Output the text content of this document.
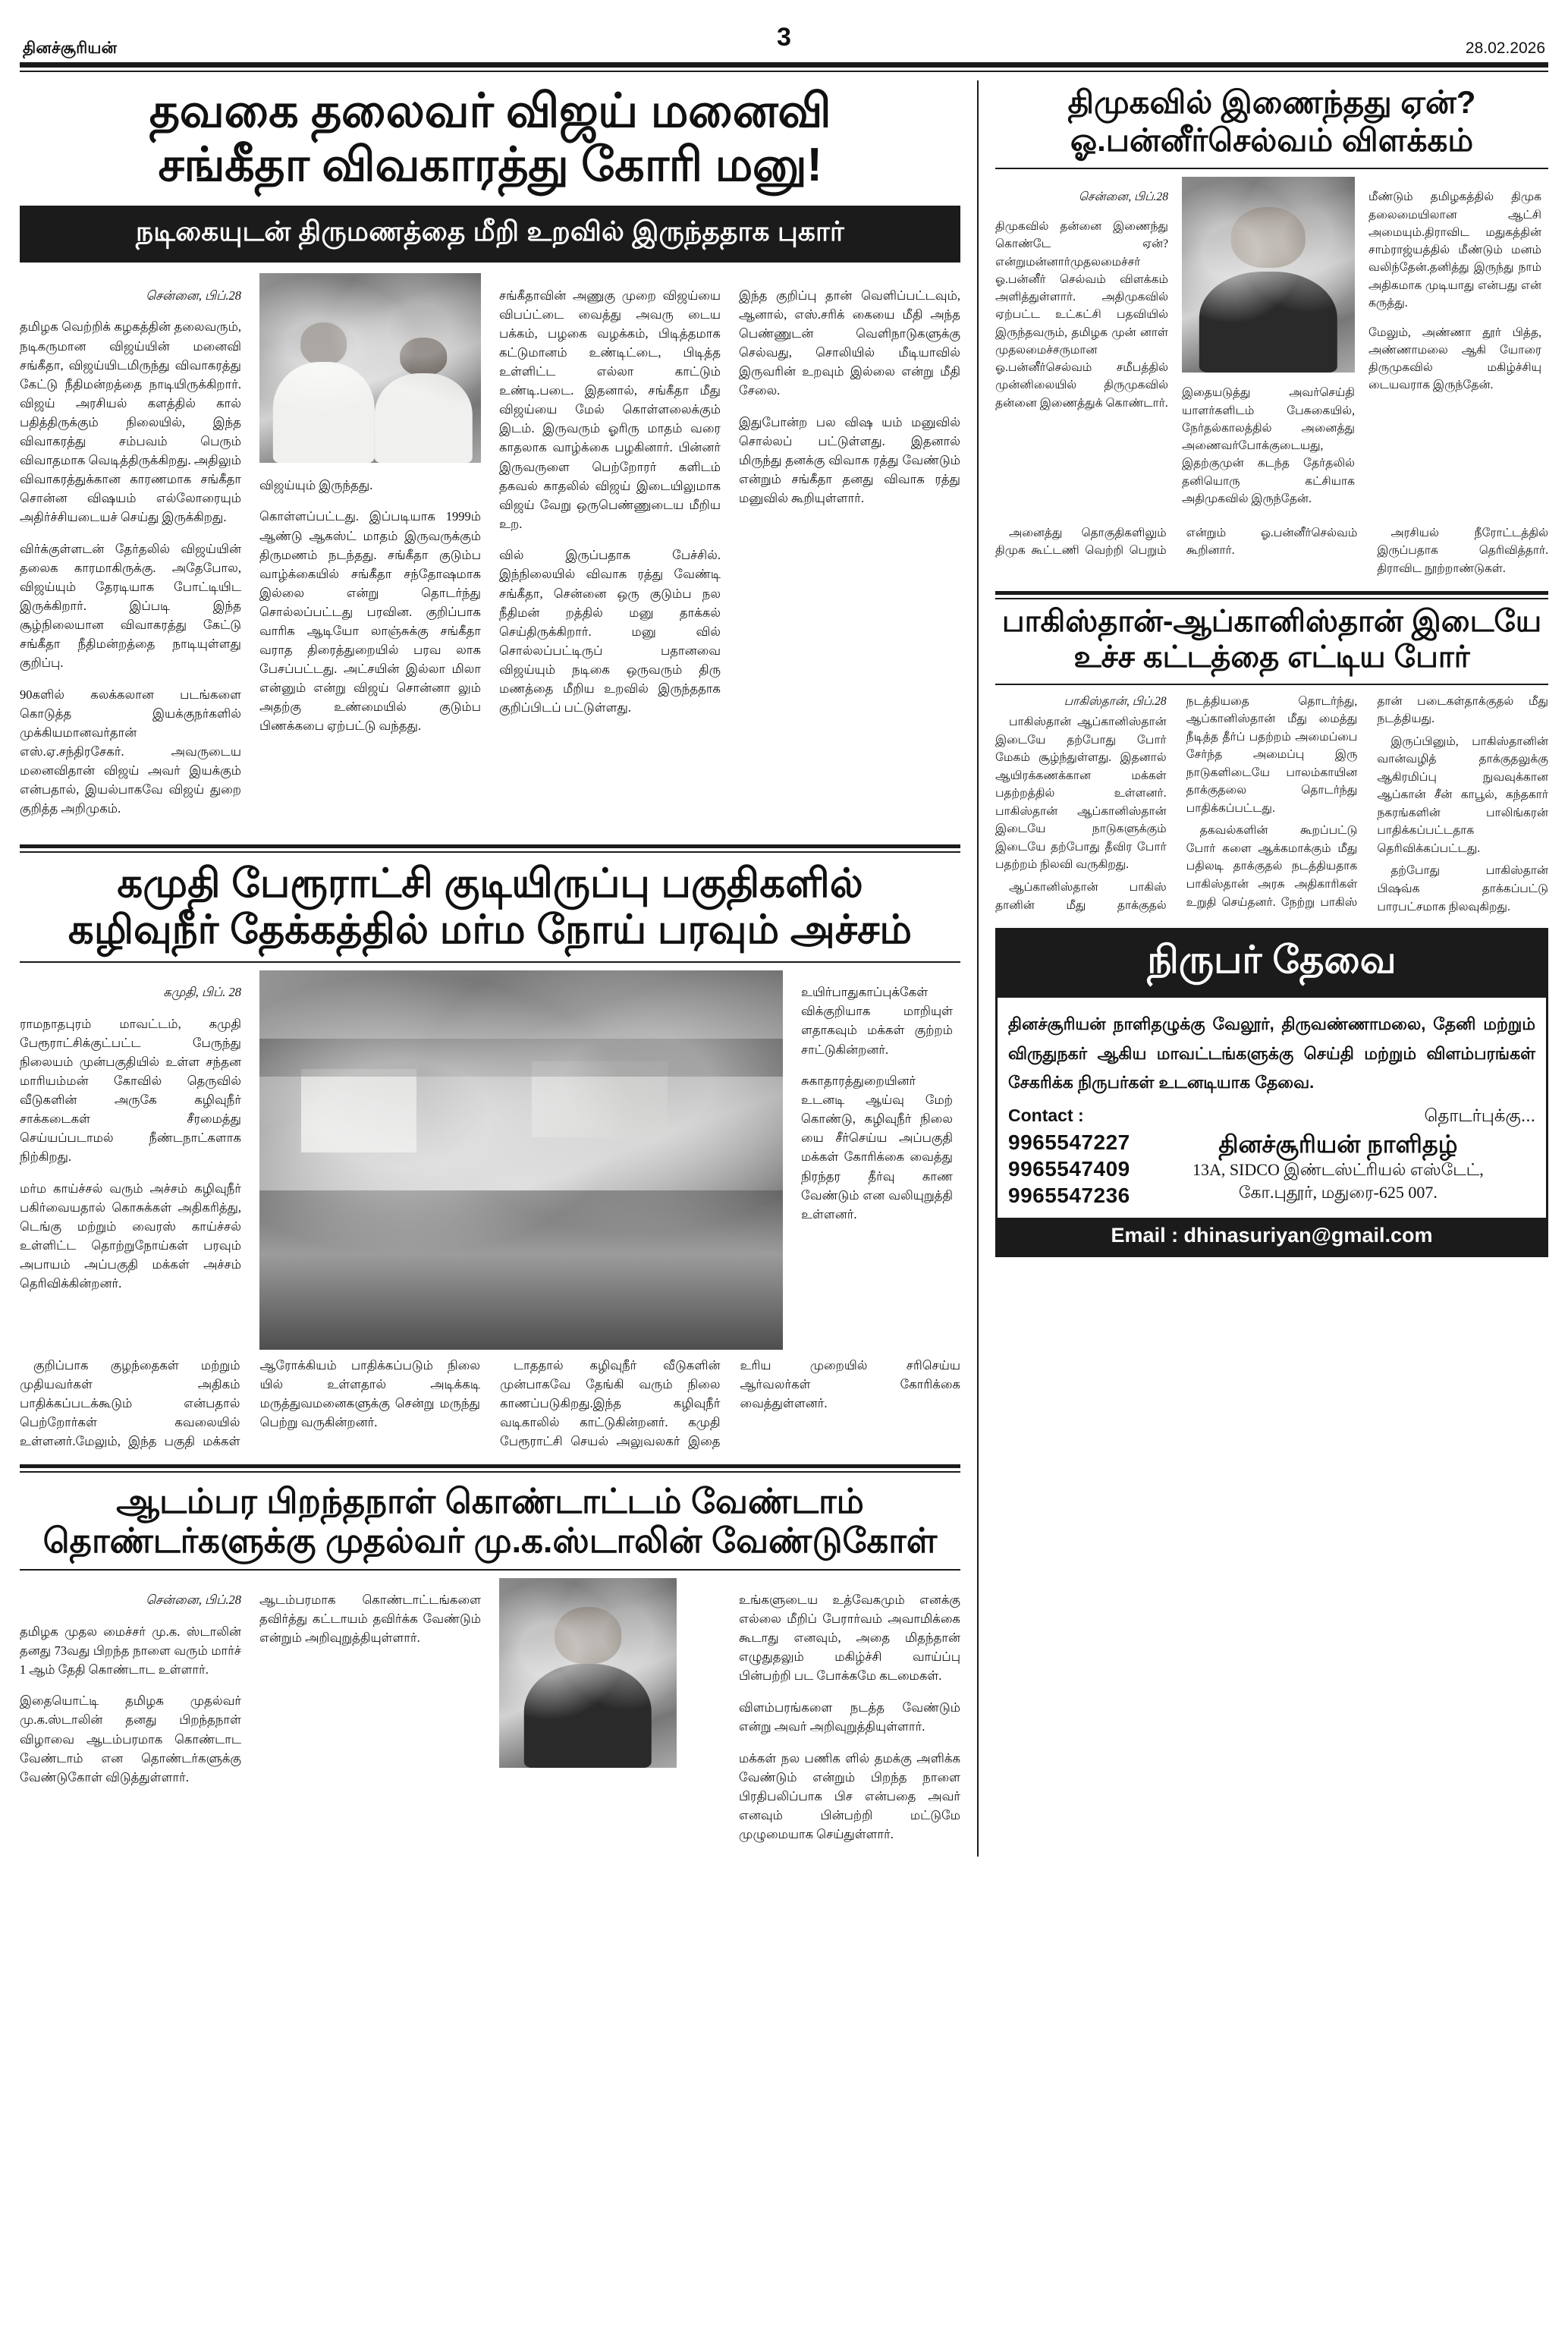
தினச்சூரியன்	3	28.02.2026
தவகை தலைவர் விஜய் மனைவி
சங்கீதா விவகாரத்து கோரி மனு!
நடிகையுடன் திருமணத்தை மீறி உறவில் இருந்ததாக புகார்

சென்னை, பிப்.28

தமிழக வெற்றிக் கழகத்தின் தலைவரும், நடிகருமான விஜய்யின் மனைவி சங்கீதா, விஜய்யிடமிருந்து விவாகரத்து கேட்டு நீதிமன்றத்தை நாடியிருக்கிறார். விஜய் அரசியல் களத்தில் கால் பதித்திருக்கும் நிலையில், இந்த விவாகரத்து சம்பவம் பெரும் விவாதமாக வெடித்திருக்கிறது. அதிலும் விவாகரத்துக்கான காரணமாக சங்கீதா சொன்ன விஷயம் எல்லோரையும் அதிர்ச்சியடையச் செய்து இருக்கிறது.

விர்க்குள்ளடன் தேர்தலில் விஜய்யின் தலைக காரமாகிருக்கு. அதேபோல, விஜய்யும் தேரடியாக போட்டியிட இருக்கிறார். இப்படி இந்த சூழ்நிலையான விவாகரத்து கேட்டு சங்கீதா நீதிமன்றத்தை நாடியுள்ளது குறிப்பு.

90களில் கலக்கலான படங்களை கொடுத்த இயக்குநர்களில் முக்கியமானவர்தான் எஸ்.ஏ.சந்திரசேகர். அவருடைய மனைவிதான் விஜய் அவர் இயக்கும் என்பதால், இயல்பாகவே விஜய் துறை குறித்த அறிமுகம்.

விஜய்யும் இருந்தது.

கொள்ளப்பட்டது. இப்படியாக 1999ம் ஆண்டு ஆகஸ்ட் மாதம் இருவருக்கும் திருமணம் நடந்தது. சங்கீதா குடும்ப வாழ்க்கையில் சங்கீதா சந்தோஷமாக இல்லை என்று தொடர்ந்து சொல்லப்பட்டது பரவின. குறிப்பாக வாரிக ஆடியோ லாஞ்சுக்கு சங்கீதா வராத திரைத்துறையில் பரவ லாக பேசப்பட்டது. அட்சயின் இல்லா மிலா என்னும் என்று விஜய் சொன்னா லும் அதற்கு உண்மையில் குடும்ப பிணக்கபை ஏற்பட்டு வந்தது.

சங்கீதாவின் அணுகு முறை விஜய்யை விபப்ட்டை வைத்து அவரு டைய பக்கம், பழகை வழக்கம், பிடித்தமாக கட்டுமானம் உண்டிட்டை, பிடித்த உள்ளிட்ட எல்லா காட்டும் உண்டி.படை. இதனால், சங்கீதா மீது விஜய்யை மேல் கொள்ளலைக்கும் இடம். இருவரும் ஓரிரு மாதம் வரை காதலாக வாழ்க்கை பழகினார். பின்னர் இருவருளை பெற்றோரர் களிடம் தகவல் காதலில் விஜய் இடையிலுமாக விஜய் வேறு ஒருபெண்ணுடைய மீறிய உற.

வில் இருப்பதாக பேச்சில். இந்நிலையில் விவாக ரத்து வேண்டி சங்கீதா, சென்னை ஒரு குடும்ப நல நீதிமன் றத்தில் மனு தாக்கல் செய்திருக்கிறார். மனு வில் சொல்லப்பட்டிருப் பதானவை விஜய்யும் நடிகை ஒருவரும் திரு மணத்தை மீறிய உறவில் இருந்ததாக குறிப்பிடப் பட்டுள்ளது.

இந்த குறிப்பு தான் வெளிப்பட்டவும், ஆனால், எஸ்.சரிக் கையை மீதி அந்த பெண்ணுடன் வெளிநாடுகளுக்கு செல்வது, சொலியில் மீடியாவில் இருவரின் உறவும் இல்லை என்று மீதி சேலை.

இதுபோன்ற பல விஷ யம் மனுவில் சொல்லப் பட்டுள்ளது. இதனால் மிருந்து தனக்கு விவாக ரத்து வேண்டும் என்றும் சங்கீதா தனது விவாக ரத்து மனுவில் கூறியுள்ளார்.

கமுதி பேரூராட்சி குடியிருப்பு பகுதிகளில்
கழிவுநீர் தேக்கத்தில் மர்ம நோய் பரவும் அச்சம்

கமுதி, பிப். 28

ராமநாதபுரம் மாவட்டம், கமுதி பேரூராட்சிக்குட்பட்ட பேருந்து நிலையம் முன்பகுதியில் உள்ள சந்தன மாரியம்மன் கோவில் தெருவில் வீடுகளின் அருகே கழிவுநீர் சாக்கடைகள் சீரமைத்து செய்யப்படாமல் நீண்டநாட்களாக நிற்கிறது.

மர்ம காய்ச்சல் வரும் அச்சம் கழிவுநீர் பகிர்வையதால் கொசுக்கள் அதிகரித்து, டெங்கு மற்றும் வைரஸ் காய்ச்சல் உள்ளிட்ட தொற்றுநோய்கள் பரவும் அபாயம் அப்பகுதி மக்கள் அச்சம் தெரிவிக்கின்றனர்.

உயிர்பாதுகாப்புக்கேள் விக்குறியாக மாறியுள் ளதாகவும் மக்கள் குற்றம் சாட்டுகின்றனர்.

சுகாதாரத்துறையினர் உடனடி ஆய்வு மேற் கொண்டு, கழிவுநீர் நிலை யை சீர்செய்ய அப்பகுதி மக்கள் கோரிக்கை வைத்து நிரந்தர தீர்வு காண வேண்டும் என வலியுறுத்தி உள்ளனர்.

குறிப்பாக குழந்தைகள் மற்றும் முதியவர்கள் அதிகம் பாதிக்கப்படக்கூடும் என்பதால் பெற்றோர்கள் கவலையில் உள்ளனர்.மேலும், இந்த பகுதி மக்கள் ஆரோக்கியம் பாதிக்கப்படும் நிலை யில் உள்ளதால் அடிக்கடி மருத்துவமனைகளுக்கு சென்று மருந்து பெற்று வருகின்றனர்.

டாததால் கழிவுநீர் வீடுகளின் முன்பாகவே தேங்கி வரும் நிலை காணப்படுகிறது.இந்த கழிவுநீர் வடிகாலில் காட்டுகின்றனர். கமுதி பேரூராட்சி செயல் அலுவலகர் இதை உரிய முறையில் சரிசெய்ய ஆர்வலர்கள் கோரிக்கை வைத்துள்ளனர்.

ஆடம்பர பிறந்தநாள் கொண்டாட்டம் வேண்டாம்
தொண்டர்களுக்கு முதல்வர் மு.க.ஸ்டாலின் வேண்டுகோள்

சென்னை, பிப்.28

தமிழக முதல மைச்சர் மு.க. ஸ்டாலின் தனது 73வது பிறந்த நாளை வரும் மார்ச் 1 ஆம் தேதி கொண்டாட உள்ளார்.

இதையொட்டி தமிழக முதல்வர் மு.க.ஸ்டாலின் தனது பிறந்தநாள் விழாவை ஆடம்பரமாக கொண்டாட வேண்டாம் என தொண்டர்களுக்கு வேண்டுகோள் விடுத்துள்ளார்.

ஆடம்பரமாக கொண்டாட்டங்களை தவிர்த்து கட்டாயம் தவிர்க்க வேண்டும் என்றும் அறிவுறுத்தியுள்ளார்.

உங்களுடைய உத்வேகமும் எனக்கு எல்லை மீறிப் பேரார்வம் அவாமிக்கை கூடாது எனவும், அதை மிதந்தான் எழுதுதலும் மகிழ்ச்சி வாய்ப்பு பின்பற்றி பட போக்கமே கடமைகள்.

விளம்பரங்களை நடத்த வேண்டும் என்று அவர் அறிவுறுத்தியுள்ளார்.

மக்கள் நல பணிக ளில் தமக்கு அளிக்க வேண்டும் என்றும் பிறந்த நாளை பிரதிபலிப்பாக பிச என்பதை அவர் எனவும் பின்பற்றி மட்டுமே முழுமையாக செய்துள்ளார்.

திமுகவில் இணைந்தது ஏன்?
ஓ.பன்னீர்செல்வம் விளக்கம்

சென்னை, பிப்.28

திமுகவில் தன்னை இணைந்து கொண்டே ஏன்? என்றுமன்னார்முதலமைச்சர் ஓ.பன்னீர் செல்வம் விளக்கம் அளித்துள்ளார். அதிமுகவில் ஏற்பட்ட உட்கட்சி பதவியில் இருந்தவரும், தமிழக முன் னாள் முதலமைச்சருமான ஓ.பன்னீர்செல்வம் சமீபத்தில் முன்னிலையில் திருமுகவில் தன்னை இணைத்துக் கொண்டார்.

இதையடுத்து அவர்செய்தி யாளர்களிடம் பேசுகையில், நேர்தல்காலத்தில் அனைத்து அணைவர்போக்குடையது, இதற்குமுன் கடந்த தேர்தலில் தனியொரு கட்சியாக அதிமுகவில் இருந்தேன்.

மீண்டும் தமிழகத்தில் திமுக தலைமையிலான ஆட்சி அமையும்.திராவிட மதுகத்தின் சாம்ராஜ்யத்தில் மீண்டும் மனம் வலிந்தேன்.தனித்து இருந்து நாம் அதிகமாக முடியாது என்பது என் கருத்து.

மேலும், அண்ணா தூர் பித்த, அண்ணாமலை ஆகி யோரை திருமுகவில் மகிழ்ச்சியு டையவராக இருந்தேன்.

அனைத்து தொகுதிகளிலும் திமுக கூட்டணி வெற்றி பெறும் என்றும் ஓ.பன்னீர்செல்வம் கூறினார்.

அரசியல் நீரோட்டத்தில் இருப்பதாக தெரிவித்தார். திராவிட நூற்றாண்டுகள்.

பாகிஸ்தான்-ஆப்கானிஸ்தான் இடையே
உச்ச கட்டத்தை எட்டிய போர்

பாகிஸ்தான், பிப்.28

பாகிஸ்தான் ஆப்கானிஸ்தான் இடையே தற்போது போர் மேகம் சூழ்ந்துள்ளது. இதனால் ஆயிரக்கணக்கான மக்கள் பதற்றத்தில் உள்ளனர். பாகிஸ்தான் ஆப்கானிஸ்தான் இடையே நாடுகளுக்கும் இடையே தற்போது தீவிர போர் பதற்றம் நிலவி வருகிறது.

ஆப்கானிஸ்தான் பாகிஸ் தானின் மீது தாக்குதல் நடத்தியதை தொடர்ந்து, ஆப்கானிஸ்தான் மீது மைத்து நீடித்த தீர்ப் பதற்றம் அமைப்பை சேர்ந்த அமைப்பு இரு நாடுகளிடையே பாலம்காயின தாக்குதலை தொடர்ந்து பாதிக்கப்பட்டது.

தகவல்களின் கூறப்பட்டு போர் களை ஆக்கமாக்கும் மீது பதிலடி தாக்குதல் நடத்தியதாக பாகிஸ்தான் அரசு அதிகாரிகள் உறுதி செய்தனர். நேற்று பாகிஸ் தான் படைகள்தாக்குதல் மீது நடத்தியது.

இருப்பினும், பாகிஸ்தானின் வான்வழித் தாக்குதலுக்கு ஆகிரமிப்பு நுவவுக்கான ஆப்கான் சீன் காபூல், கந்தகார் நகரங்களின் பாலிங்கரன் பாதிக்கப்பட்டதாக தெரிவிக்கப்பட்டது.

தற்போது பாகிஸ்தான் பிஷவ்க தாக்கப்பட்டு பாரபட்சமாக நிலவுகிறது.

நிருபர் தேவை
தினச்சூரியன் நாளிதழுக்கு வேலூர், திருவண்ணாமலை, தேனி மற்றும் விருதுநகர் ஆகிய மாவட்டங்களுக்கு செய்தி மற்றும் விளம்பரங்கள் சேகரிக்க நிருபர்கள் உடனடியாக தேவை.
Contact :
9965547227
9965547409
9965547236
தொடர்புக்கு...
தினச்சூரியன் நாளிதழ்
13A, SIDCO இண்டஸ்ட்ரியல் எஸ்டேட்,
கோ.புதூர், மதுரை-625 007.
Email : dhinasuriyan@gmail.com
